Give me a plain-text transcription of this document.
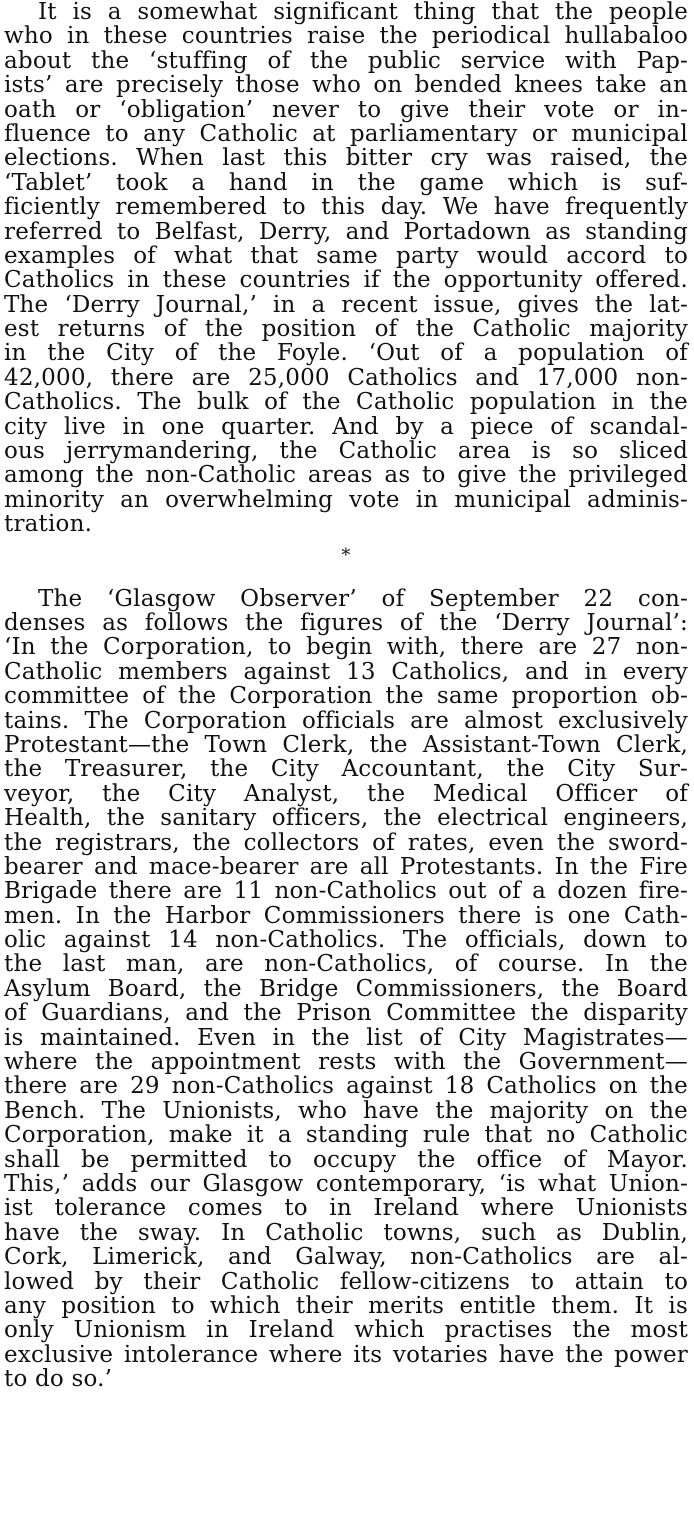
It is a somewhat significant thing that the people
who in these countries raise the periodical hullabaloo
about the ‘stuffing of the public service with Pap-
ists’ are precisely those who on bended knees take an
oath or ‘obligation’ never to give their vote or in-
fluence to any Catholic at parliamentary or municipal
elections. When last this bitter cry was raised, the
‘Tablet’ took a hand in the game which is suf-
ficiently remembered to this day. We have frequently
referred to Belfast, Derry, and Portadown as standing
examples of what that same party would accord to
Catholics in these countries if the opportunity offered.
The ‘Derry Journal,’ in a recent issue, gives the lat-
est returns of the position of the Catholic majority
in the City of the Foyle. ‘Out of a population of
42,000, there are 25,000 Catholics and 17,000 non-
Catholics. The bulk of the Catholic population in the
city live in one quarter. And by a piece of scandal-
ous jerrymandering, the Catholic area is so sliced
among the non-Catholic areas as to give the privileged
minority an overwhelming vote in municipal adminis-
tration.
*
The ‘Glasgow Observer’ of September 22 con-
denses as follows the figures of the ‘Derry Journal’:
‘In the Corporation, to begin with, there are 27 non-
Catholic members against 13 Catholics, and in every
committee of the Corporation the same proportion ob-
tains. The Corporation officials are almost exclusively
Protestant—the Town Clerk, the Assistant-Town Clerk,
the Treasurer, the City Accountant, the City Sur-
veyor, the City Analyst, the Medical Officer of
Health, the sanitary officers, the electrical engineers,
the registrars, the collectors of rates, even the sword-
bearer and mace-bearer are all Protestants. In the Fire
Brigade there are 11 non-Catholics out of a dozen fire-
men. In the Harbor Commissioners there is one Cath-
olic against 14 non-Catholics. The officials, down to
the last man, are non-Catholics, of course. In the
Asylum Board, the Bridge Commissioners, the Board
of Guardians, and the Prison Committee the disparity
is maintained. Even in the list of City Magistrates—
where the appointment rests with the Government—
there are 29 non-Catholics against 18 Catholics on the
Bench. The Unionists, who have the majority on the
Corporation, make it a standing rule that no Catholic
shall be permitted to occupy the office of Mayor.
This,’ adds our Glasgow contemporary, ‘is what Union-
ist tolerance comes to in Ireland where Unionists
have the sway. In Catholic towns, such as Dublin,
Cork, Limerick, and Galway, non-Catholics are al-
lowed by their Catholic fellow-citizens to attain to
any position to which their merits entitle them. It is
only Unionism in Ireland which practises the most
exclusive intolerance where its votaries have the power
to do so.’
